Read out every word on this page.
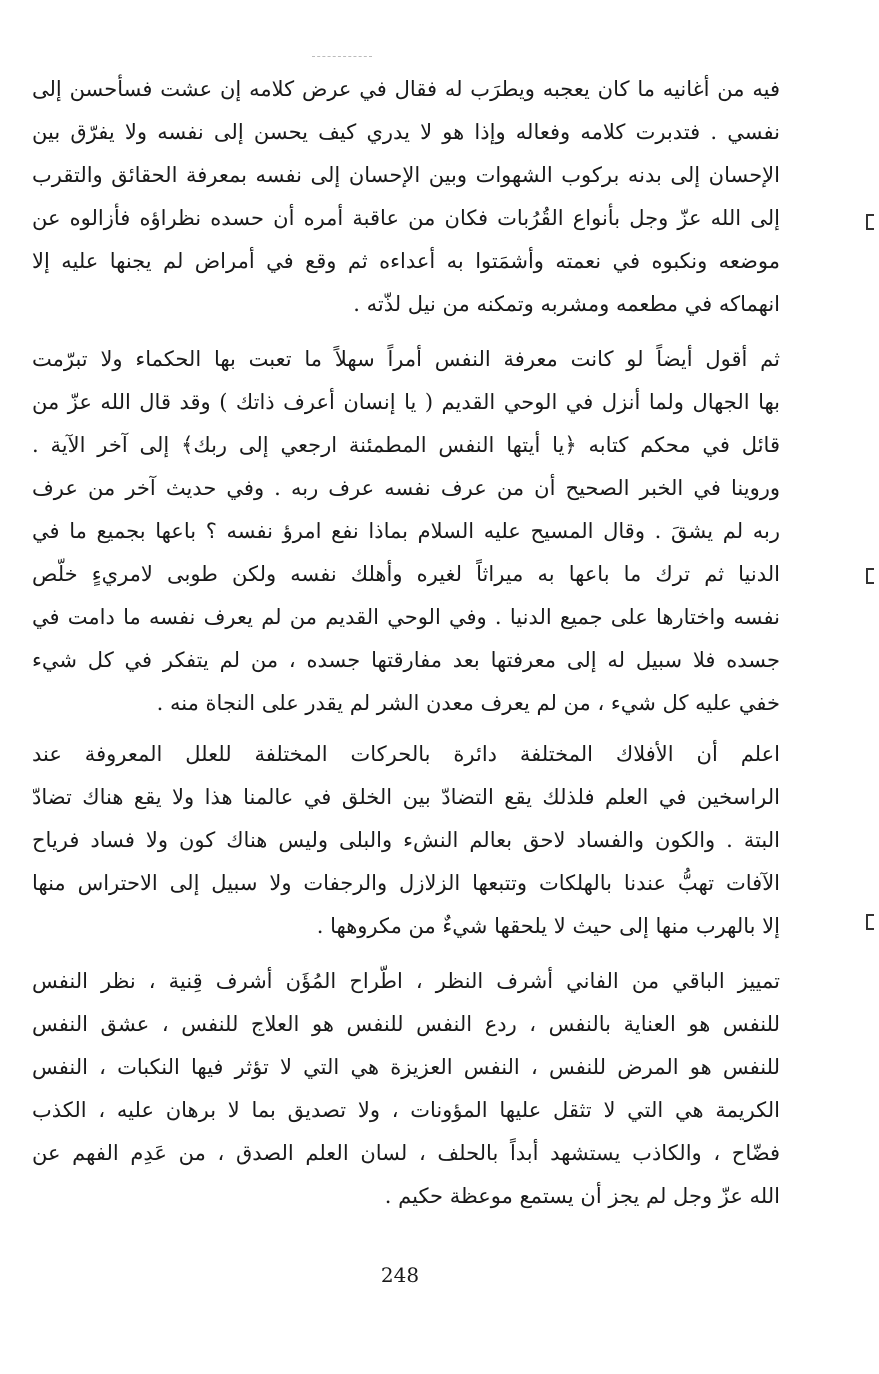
فيه من أغانيه ما كان يعجبه ويطرَب له فقال في عرض كلامه إن عشت فسأحسن إلى
نفسي . فتدبرت كلامه وفعاله وإذا هو لا يدري كيف يحسن إلى نفسه ولا يفرّق بين
الإحسان إلى بدنه بركوب الشهوات وبين الإحسان إلى نفسه بمعرفة الحقائق والتقرب
إلى الله عزّ وجل بأنواع القُرُبات فكان من عاقبة أمره أن حسده نظراؤه فأزالوه عن
موضعه ونكبوه في نعمته وأشمَتوا به أعداءه ثم وقع في أمراض لم يجنها عليه إلا
انهماكه في مطعمه ومشربه وتمكنه من نيل لذّته .
ثم أقول أيضاً لو كانت معرفة النفس أمراً سهلاً ما تعبت بها الحكماء ولا تبرّمت
بها الجهال ولما أنزل في الوحي القديم ( يا إنسان أعرف ذاتك ) وقد قال الله عزّ من
قائل في محكم كتابه ﴿يا أيتها النفس المطمئنة ارجعي إلى ربك﴾ إلى آخر الآية .
وروينا في الخبر الصحيح أن من عرف نفسه عرف ربه . وفي حديث آخر من عرف
ربه لم يشقَ . وقال المسيح عليه السلام بماذا نفع امرؤ نفسه ؟ باعها بجميع ما في
الدنيا ثم ترك ما باعها به ميراثاً لغيره وأهلك نفسه ولكن طوبى لامريءٍ خلّص
نفسه واختارها على جميع الدنيا . وفي الوحي القديم من لم يعرف نفسه ما دامت في
جسده فلا سبيل له إلى معرفتها بعد مفارقتها جسده ، من لم يتفكر في كل شيء
خفي عليه كل شيء ، من لم يعرف معدن الشر لم يقدر على النجاة منه .
اعلم أن الأفلاك المختلفة دائرة بالحركات المختلفة للعلل المعروفة عند
الراسخين في العلم فلذلك يقع التضادّ بين الخلق في عالمنا هذا ولا يقع هناك تضادّ
البتة . والكون والفساد لاحق بعالم النشء والبلى وليس هناك كون ولا فساد فرياح
الآفات تهبُّ عندنا بالهلكات وتتبعها الزلازل والرجفات ولا سبيل إلى الاحتراس منها
إلا بالهرب منها إلى حيث لا يلحقها شيءٌ من مكروهها .
تمييز الباقي من الفاني أشرف النظر ، اطّراح المُؤَن أشرف قِنية ، نظر النفس
للنفس هو العناية بالنفس ، ردع النفس للنفس هو العلاج للنفس ، عشق النفس
للنفس هو المرض للنفس ، النفس العزيزة هي التي لا تؤثر فيها النكبات ، النفس
الكريمة هي التي لا تثقل عليها المؤونات ، ولا تصديق بما لا برهان عليه ، الكذب
فضّاح ، والكاذب يستشهد أبداً بالحلف ، لسان العلم الصدق ، من عَدِم الفهم عن
الله عزّ وجل لم يجز أن يستمع موعظة حكيم .
248
